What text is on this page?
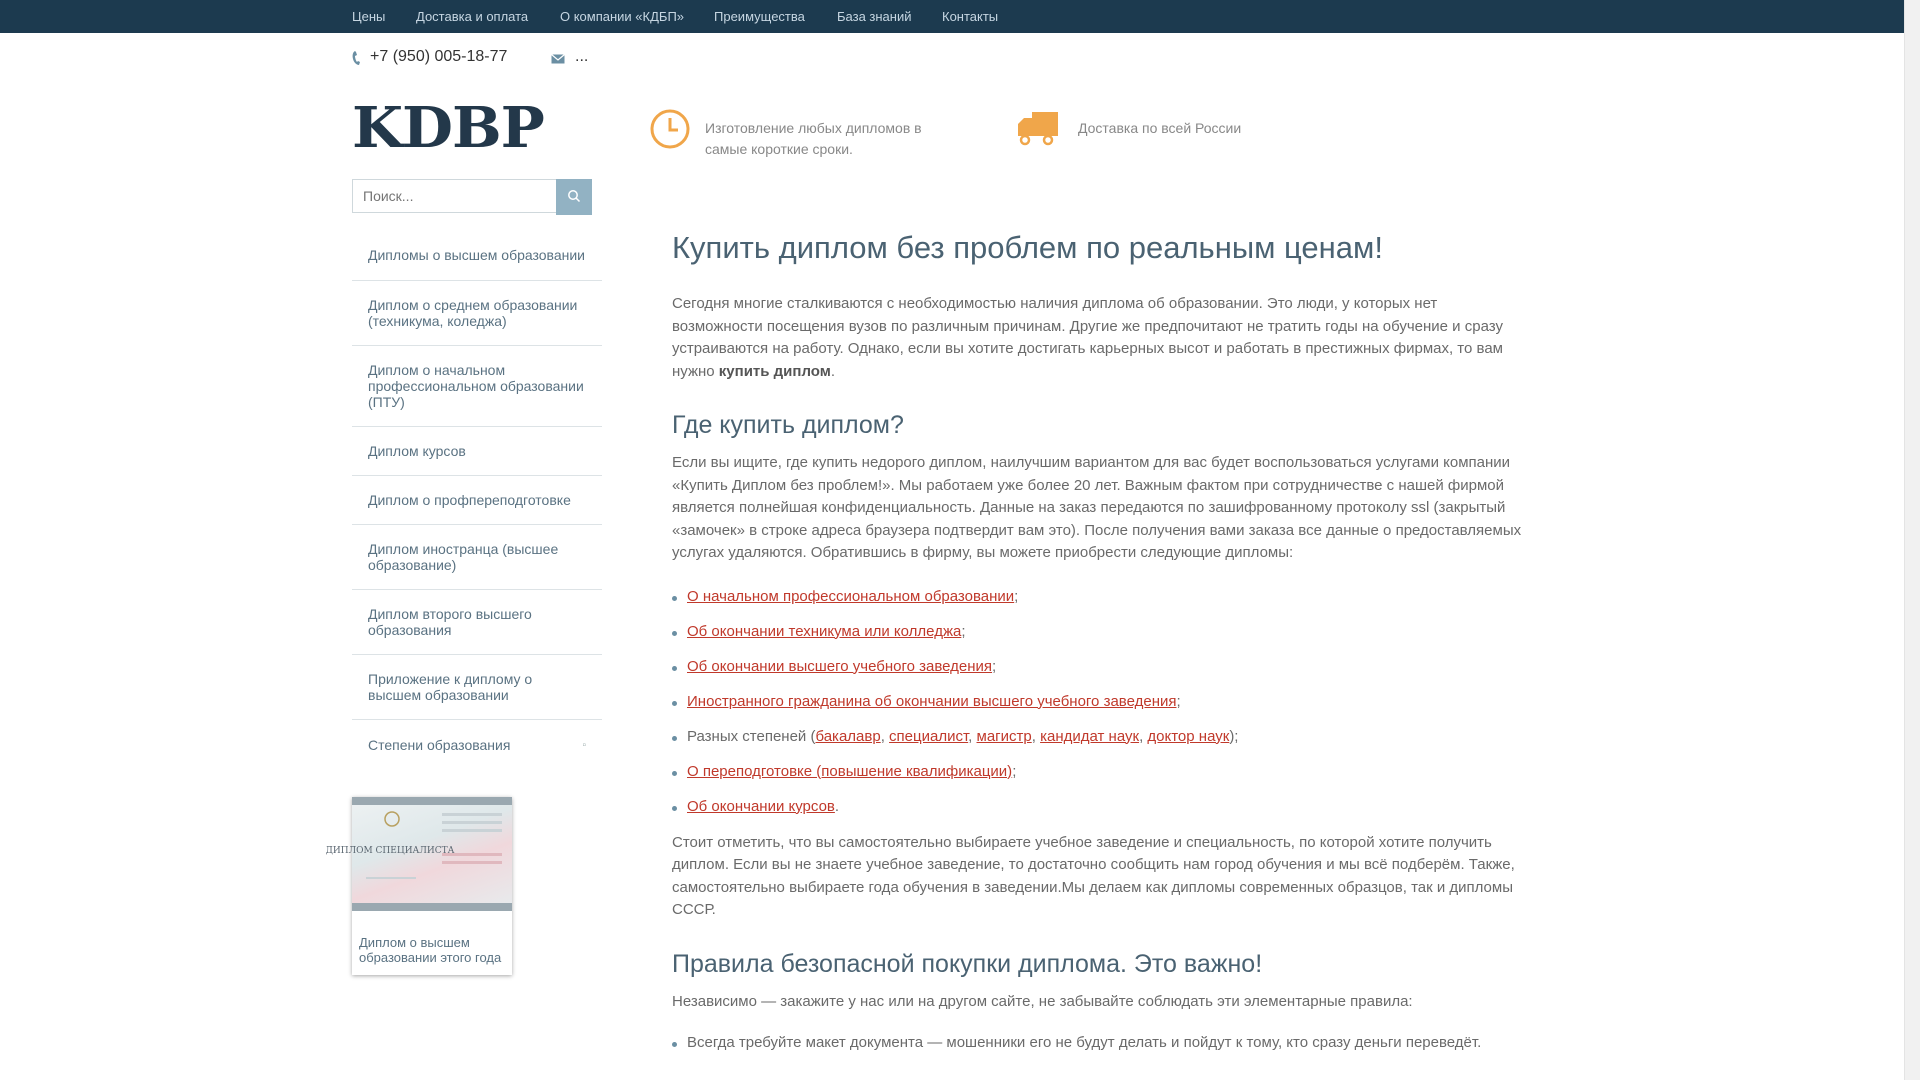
Цены Доставка и оплата О компании «КДБП» Преимущества База знаний Контакты
+7 (950) 005-18-77	...
KDBP	Изготовление любых дипломов в самые короткие сроки.
Доставка по всей России
Поиск...
Дипломы о высшем образовании
Диплом о среднем образовании (техникума, коледжа)
Диплом о начальном профессиональном образовании (ПТУ)
Диплом курсов
Диплом о профпереподготовке
Диплом иностранца (высшее образование)
Диплом второго высшего образования
Приложение к диплому о высшем образовании
Степени образования	▫
ДИПЛОМ СПЕЦИАЛИСТА
Диплом о высшем образовании этого года
Купить диплом без проблем по реальным ценам!

Сегодня многие сталкиваются с необходимостью наличия диплома об образовании. Это люди, у которых нет возможности посещения вузов по различным причинам. Другие же предпочитают не тратить годы на обучение и сразу устраиваются на работу. Однако, если вы хотите достигать карьерных высот и работать в престижных фирмах, то вам нужно купить диплом.

Где купить диплом?

Если вы ищите, где купить недорого диплом, наилучшим вариантом для вас будет воспользоваться услугами компании «Купить Диплом без проблем!». Мы работаем уже более 20 лет. Важным фактом при сотрудничестве с нашей фирмой является полнейшая конфиденциальность. Данные на заказ передаются по зашифрованному протоколу ssl (закрытый «замочек» в строке адреса браузера подтвердит вам это). После получения вами заказа все данные о предоставляемых услугах удаляются. Обратившись в фирму, вы можете приобрести следующие дипломы:

О начальном профессиональном образовании;
Об окончании техникума или колледжа;
Об окончании высшего учебного заведения;
Иностранного гражданина об окончании высшего учебного заведения;
Разных степеней (бакалавр, специалист, магистр, кандидат наук, доктор наук);
О переподготовке (повышение квалификации);
Об окончании курсов.

Стоит отметить, что вы самостоятельно выбираете учебное заведение и специальность, по которой хотите получить диплом. Если вы не знаете учебное заведение, то достаточно сообщить нам город обучения и мы всё подберём. Также, самостоятельно выбираете года обучения в заведении.Мы делаем как дипломы современных образцов, так и дипломы СССР.

Правила безопасной покупки диплома. Это важно!

Независимо — закажите у нас или на другом сайте, не забывайте соблюдать эти элементарные правила:

Всегда требуйте макет документа — мошенники его не будут делать и пойдут к тому, кто сразу деньги переведёт.
